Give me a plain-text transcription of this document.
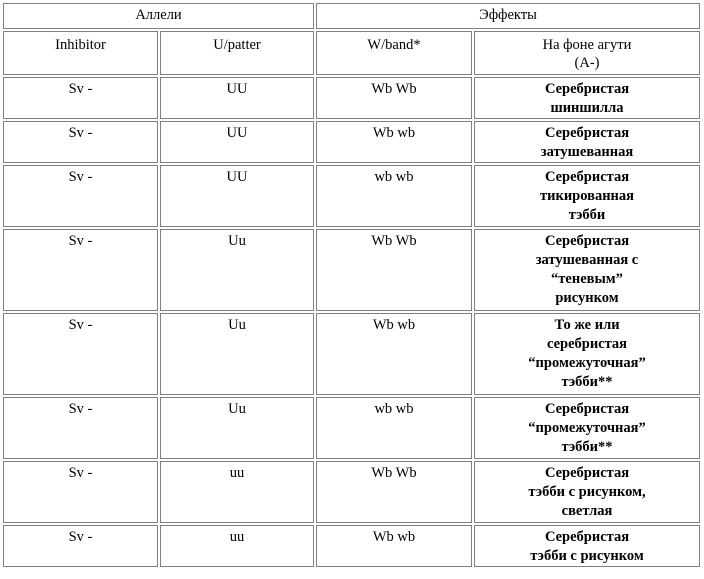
Аллели		Эффекты	
Inhibitor	U/patter	W/band*	На фоне агути
(A-)

Sv -	UU	Wb Wb	Серебристая
шиншилла

Sv -	UU	Wb wb	Серебристая
затушеванная

Sv -	UU	wb wb	Серебристая
тикированная
тэбби

Sv -	Uu	Wb Wb	Серебристая
затушеванная с
“теневым”
рисунком

Sv -	Uu	Wb wb	То же или
серебристая
“промежуточная”
тэбби**

Sv -	Uu	wb wb	Серебристая
“промежуточная”
тэбби**

Sv -	uu	Wb Wb	Серебристая
тэбби с рисунком,
светлая

Sv -	uu	Wb wb	Серебристая
тэбби с рисунком
